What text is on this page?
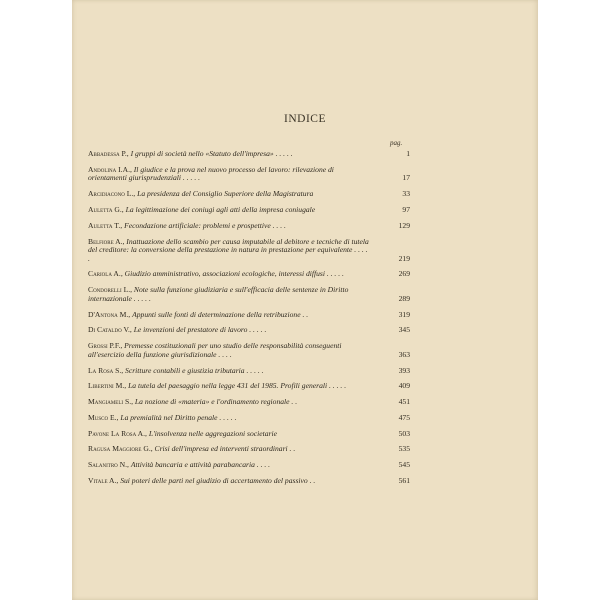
INDICE
pag.
Abbadessa P., I gruppi di società nello «Statuto dell'impresa» . . . . .	1
Andolina I.A., Il giudice e la prova nel nuovo processo del lavoro: rilevazione di orientamenti giurisprudenziali . . . . .	17
Arcidiacono L., La presidenza del Consiglio Superiore della Magistratura	33
Auletta G., La legittimazione dei coniugi agli atti della impresa coniugale	97
Auletta T., Fecondazione artificiale: problemi e prospettive . . . .	129
Belfiore A., Inattuazione dello scambio per causa imputabile al debitore e tecniche di tutela del creditore: la conversione della prestazione in natura in prestazione per equivalente . . . . .	219
Cariola A., Giudizio amministrativo, associazioni ecologiche, interessi diffusi . . . . .	269
Condorelli L., Note sulla funzione giudiziaria e sull'efficacia delle sentenze in Diritto internazionale . . . . .	289
D'Antona M., Appunti sulle fonti di determinazione della retribuzione . .	319
Di Cataldo V., Le invenzioni del prestatore di lavoro . . . . .	345
Grossi P.F., Premesse costituzionali per uno studio delle responsabilità conseguenti all'esercizio della funzione giurisdizionale . . . .	363
La Rosa S., Scritture contabili e giustizia tributaria . . . . .	393
Libertini M., La tutela del paesaggio nella legge 431 del 1985. Profili generali . . . . .	409
Mangiameli S., La nozione di «materia» e l'ordinamento regionale . .	451
Musco E., La premialità nel Diritto penale . . . . .	475
Pavone La Rosa A., L'insolvenza nelle aggregazioni societarie	503
Ragusa Maggiore G., Crisi dell'impresa ed interventi straordinari . .	535
Salanitro N., Attività bancaria e attività parabancaria . . . .	545
Vitale A., Sui poteri delle parti nel giudizio di accertamento del passivo . .	561
